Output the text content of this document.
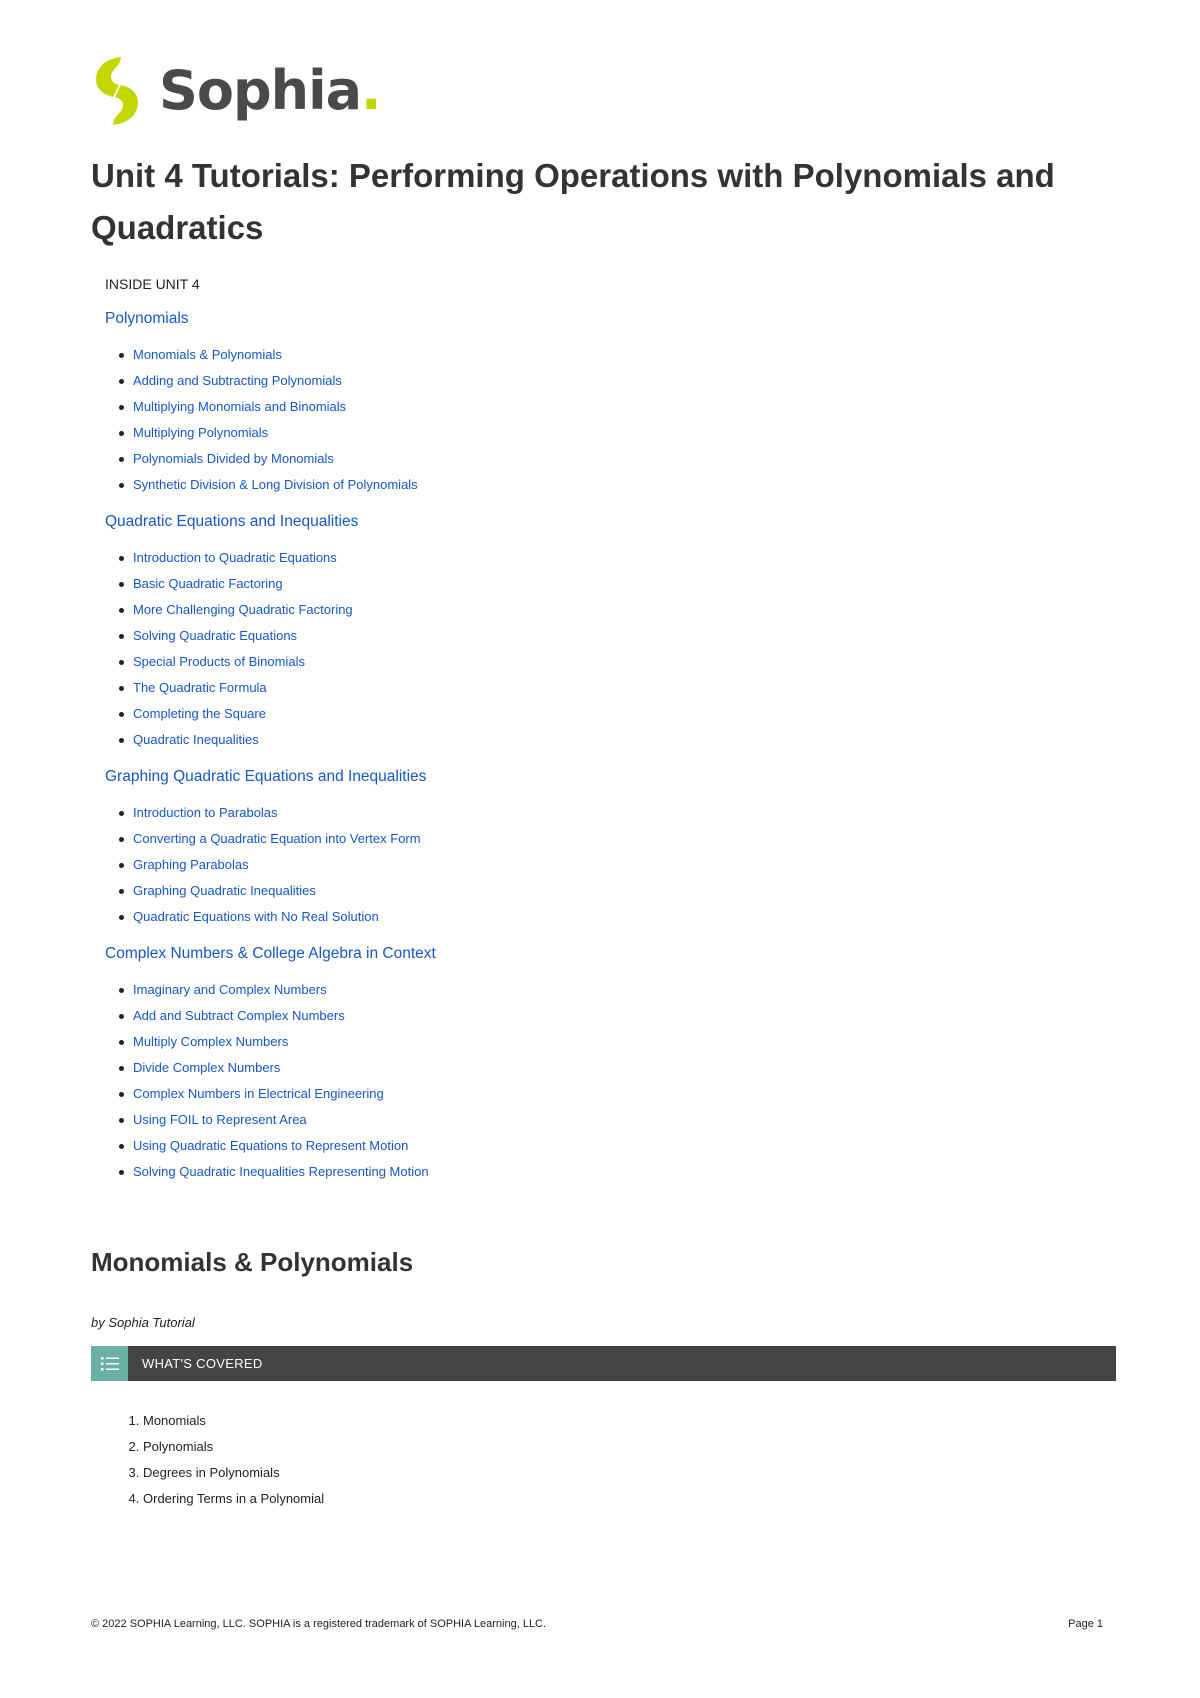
Sophia.
Unit 4 Tutorials: Performing Operations with Polynomials and Quadratics
INSIDE UNIT 4
Polynomials
Monomials & Polynomials
Adding and Subtracting Polynomials
Multiplying Monomials and Binomials
Multiplying Polynomials
Polynomials Divided by Monomials
Synthetic Division & Long Division of Polynomials
Quadratic Equations and Inequalities
Introduction to Quadratic Equations
Basic Quadratic Factoring
More Challenging Quadratic Factoring
Solving Quadratic Equations
Special Products of Binomials
The Quadratic Formula
Completing the Square
Quadratic Inequalities
Graphing Quadratic Equations and Inequalities
Introduction to Parabolas
Converting a Quadratic Equation into Vertex Form
Graphing Parabolas
Graphing Quadratic Inequalities
Quadratic Equations with No Real Solution
Complex Numbers & College Algebra in Context
Imaginary and Complex Numbers
Add and Subtract Complex Numbers
Multiply Complex Numbers
Divide Complex Numbers
Complex Numbers in Electrical Engineering
Using FOIL to Represent Area
Using Quadratic Equations to Represent Motion
Solving Quadratic Inequalities Representing Motion
Monomials & Polynomials
by Sophia Tutorial
WHAT'S COVERED
1. Monomials
2. Polynomials
3. Degrees in Polynomials
4. Ordering Terms in a Polynomial
© 2022 SOPHIA Learning, LLC. SOPHIA is a registered trademark of SOPHIA Learning, LLC.	Page 1
